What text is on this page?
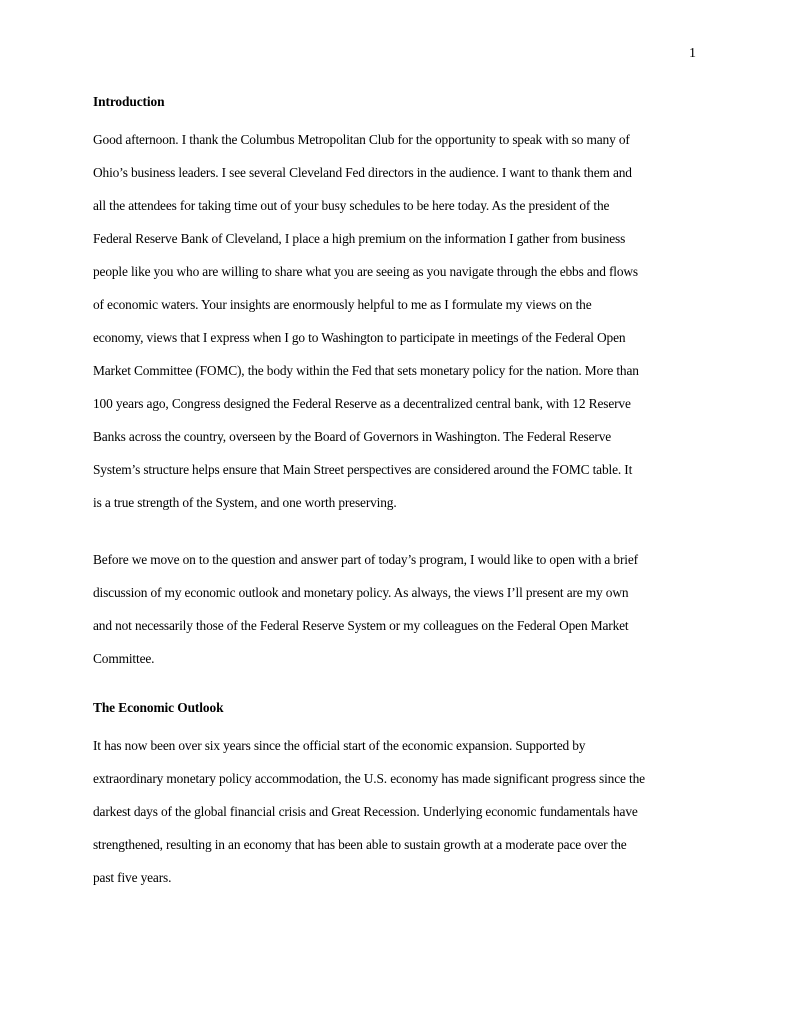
1
Introduction

Good afternoon. I thank the Columbus Metropolitan Club for the opportunity to speak with so many of
Ohio’s business leaders. I see several Cleveland Fed directors in the audience. I want to thank them and
all the attendees for taking time out of your busy schedules to be here today. As the president of the
Federal Reserve Bank of Cleveland, I place a high premium on the information I gather from business
people like you who are willing to share what you are seeing as you navigate through the ebbs and flows
of economic waters. Your insights are enormously helpful to me as I formulate my views on the
economy, views that I express when I go to Washington to participate in meetings of the Federal Open
Market Committee (FOMC), the body within the Fed that sets monetary policy for the nation. More than
100 years ago, Congress designed the Federal Reserve as a decentralized central bank, with 12 Reserve
Banks across the country, overseen by the Board of Governors in Washington. The Federal Reserve
System’s structure helps ensure that Main Street perspectives are considered around the FOMC table. It
is a true strength of the System, and one worth preserving.

Before we move on to the question and answer part of today’s program, I would like to open with a brief
discussion of my economic outlook and monetary policy. As always, the views I’ll present are my own
and not necessarily those of the Federal Reserve System or my colleagues on the Federal Open Market
Committee.

The Economic Outlook

It has now been over six years since the official start of the economic expansion. Supported by
extraordinary monetary policy accommodation, the U.S. economy has made significant progress since the
darkest days of the global financial crisis and Great Recession. Underlying economic fundamentals have
strengthened, resulting in an economy that has been able to sustain growth at a moderate pace over the
past five years.
